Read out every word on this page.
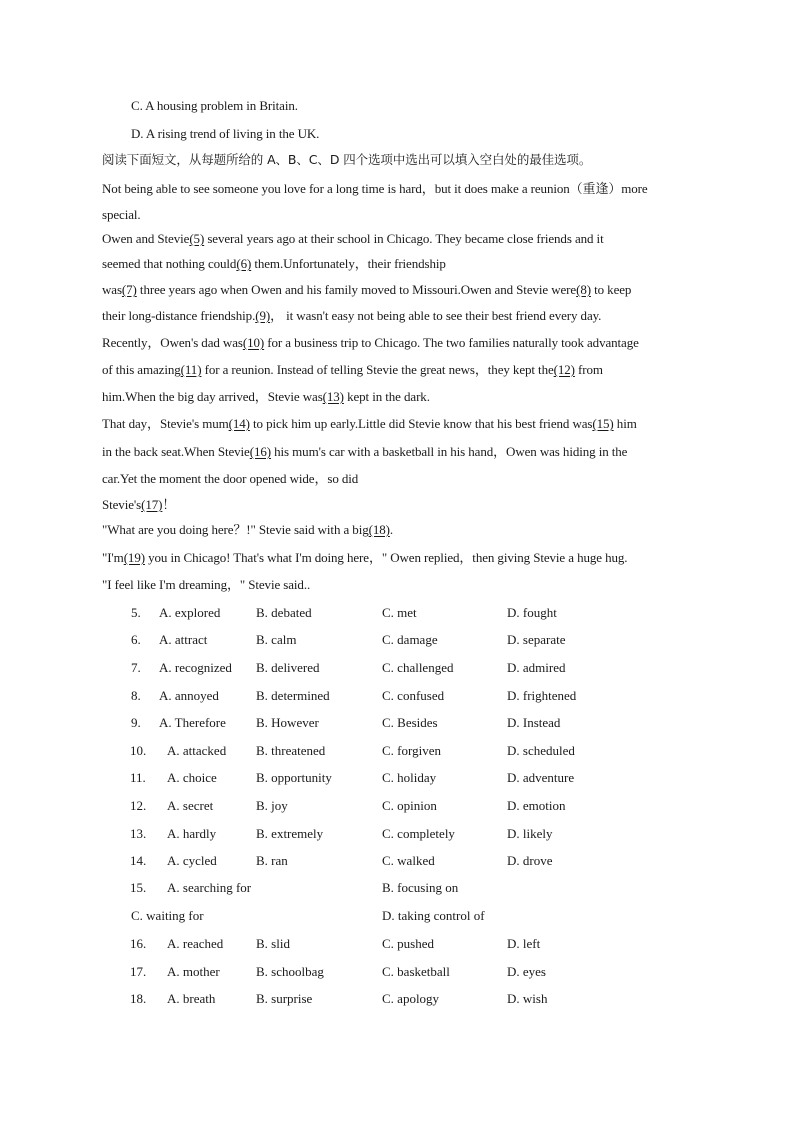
C. A housing problem in Britain.
D. A rising trend of living in the UK.
阅读下面短文，从每题所给的 A、B、C、D 四个选项中选出可以填入空白处的最佳选项。
Not being able to see someone you love for a long time is hard，but it does make a reunion（重逢）more
special.
Owen and Stevie(5) several years ago at their school in Chicago. They became close friends and it
seemed that nothing could(6) them.Unfortunately，their friendship
was(7) three years ago when Owen and his family moved to Missouri.Owen and Stevie were(8) to keep
their long-distance friendship.(9)， it wasn't easy not being able to see their best friend every day.
Recently，Owen's dad was(10) for a business trip to Chicago. The two families naturally took advantage
of this amazing(11) for a reunion. Instead of telling Stevie the great news，they kept the(12) from
him.When the big day arrived，Stevie was(13) kept in the dark.
That day，Stevie's mum(14) to pick him up early.Little did Stevie know that his best friend was(15) him
in the back seat.When Stevie(16) his mum's car with a basketball in his hand，Owen was hiding in the
car.Yet the moment the door opened wide，so did
Stevie's(17)！
"What are you doing here？!" Stevie said with a big(18).
"I'm(19) you in Chicago! That's what I'm doing here，" Owen replied，then giving Stevie a huge hug.
"I feel like I'm dreaming，" Stevie said..
5. A. explored	B. debated	C. met	D. fought
6. A. attract	B. calm	C. damage	D. separate
7. A. recognized B. delivered	C. challenged	D. admired
8. A. annoyed	B. determined	C. confused	D. frightened
9. A. Therefore B. However	C. Besides	D. Instead
10. A. attacked B. threatened	C. forgiven	D. scheduled
11. A. choice	B. opportunity	C. holiday	D. adventure
12. A. secret	B. joy	C. opinion	D. emotion
13. A. hardly	B. extremely	C. completely	D. likely
14. A. cycled	B. ran	C. walked	D. drove
15. A. searching for	B. focusing on
C. waiting for	D. taking control of
16. A. reached	B. slid	C. pushed	D. left
17. A. mother	B. schoolbag	C. basketball	D. eyes
18. A. breath	B. surprise	C. apology	D. wish
